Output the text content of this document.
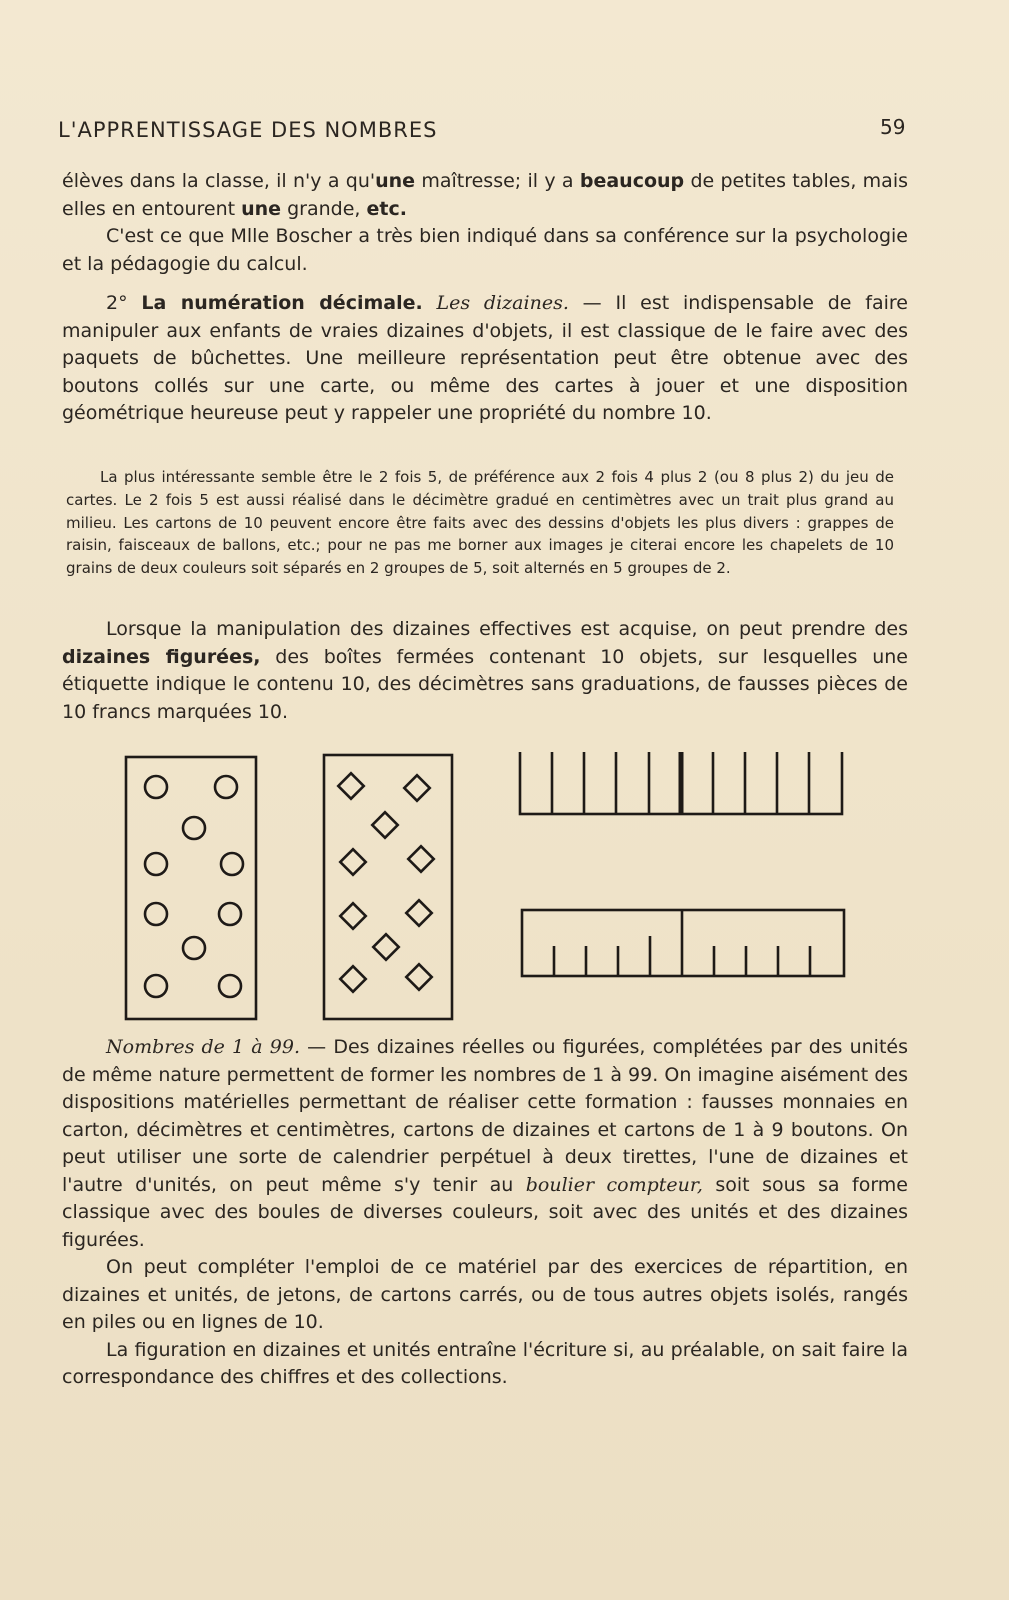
L'APPRENTISSAGE DES NOMBRES	59

élèves dans la classe, il n'y a qu'une maîtresse; il y a beaucoup de petites tables, mais elles en entourent une grande, etc.

C'est ce que Mlle Boscher a très bien indiqué dans sa conférence sur la psychologie et la pédagogie du calcul.

2° La numération décimale. Les dizaines. — Il est indispensable de faire manipuler aux enfants de vraies dizaines d'objets, il est classique de le faire avec des paquets de bûchettes. Une meilleure représentation peut être obtenue avec des boutons collés sur une carte, ou même des cartes à jouer et une disposition géométrique heureuse peut y rappeler une propriété du nombre 10.

La plus intéressante semble être le 2 fois 5, de préférence aux 2 fois 4 plus 2 (ou 8 plus 2) du jeu de cartes. Le 2 fois 5 est aussi réalisé dans le décimètre gradué en centimètres avec un trait plus grand au milieu. Les cartons de 10 peuvent encore être faits avec des dessins d'objets les plus divers : grappes de raisin, faisceaux de ballons, etc.; pour ne pas me borner aux images je citerai encore les chapelets de 10 grains de deux couleurs soit séparés en 2 groupes de 5, soit alternés en 5 groupes de 2.

Lorsque la manipulation des dizaines effectives est acquise, on peut prendre des dizaines figurées, des boîtes fermées contenant 10 objets, sur lesquelles une étiquette indique le contenu 10, des décimètres sans graduations, de fausses pièces de 10 francs marquées 10.

Nombres de 1 à 99. — Des dizaines réelles ou figurées, complétées par des unités de même nature permettent de former les nombres de 1 à 99. On imagine aisément des dispositions matérielles permettant de réaliser cette formation : fausses monnaies en carton, décimètres et centimètres, cartons de dizaines et cartons de 1 à 9 boutons. On peut utiliser une sorte de calendrier perpétuel à deux tirettes, l'une de dizaines et l'autre d'unités, on peut même s'y tenir au boulier compteur, soit sous sa forme classique avec des boules de diverses couleurs, soit avec des unités et des dizaines figurées.

On peut compléter l'emploi de ce matériel par des exercices de répartition, en dizaines et unités, de jetons, de cartons carrés, ou de tous autres objets isolés, rangés en piles ou en lignes de 10.

La figuration en dizaines et unités entraîne l'écriture si, au préalable, on sait faire la correspondance des chiffres et des collections.
